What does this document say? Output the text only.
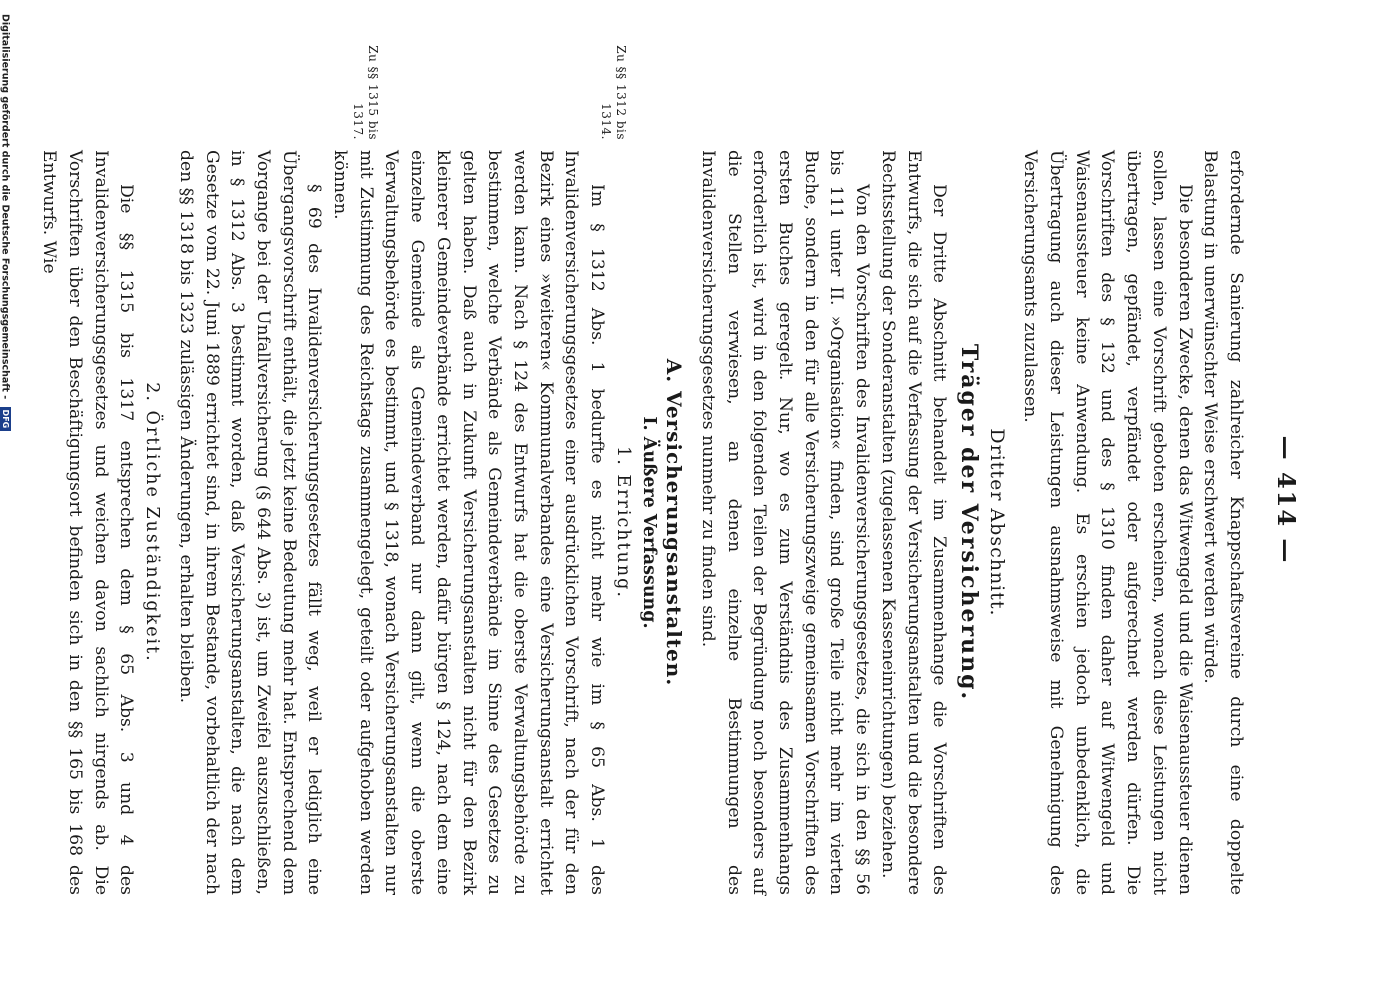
— 414 —
Zu §§ 1312 bis 1314.
Zu §§ 1315 bis 1317.

erfordernde Sanierung zahlreicher Knappschaftsvereine durch eine doppelte Belastung in unerwünschter Weise erschwert werden würde.

Die besonderen Zwecke, denen das Witwengeld und die Waisenaussteuer dienen sollen, lassen eine Vorschrift geboten erscheinen, wonach diese Leistungen nicht übertragen, gepfändet, verpfändet oder aufgerechnet werden dürfen. Die Vorschriften des § 132 und des § 1310 finden daher auf Witwengeld und Waisenaussteuer keine Anwendung. Es erschien jedoch unbedenklich, die Übertragung auch dieser Leistungen ausnahmsweise mit Genehmigung des Versicherungsamts zuzulassen.

Dritter Abschnitt.
Träger der Versicherung.

Der Dritte Abschnitt behandelt im Zusammenhange die Vorschriften des Entwurfs, die sich auf die Verfassung der Versicherungsanstalten und die besondere Rechtsstellung der Sonderanstalten (zugelassenen Kasseneinrichtungen) beziehen.

Von den Vorschriften des Invalidenversicherungsgesetzes, die sich in den §§ 56 bis 111 unter II. »Organisation« finden, sind große Teile nicht mehr im vierten Buche, sondern in den für alle Versicherungszweige gemeinsamen Vorschriften des ersten Buches geregelt. Nur, wo es zum Verständnis des Zusammenhangs erforderlich ist, wird in den folgenden Teilen der Begründung noch besonders auf die Stellen verwiesen, an denen einzelne Bestimmungen des Invalidenversicherungsgesetzes nunmehr zu finden sind.

A. Versicherungsanstalten.
I. Äußere Verfassung.
1. Errichtung.

Im § 1312 Abs. 1 bedurfte es nicht mehr wie im § 65 Abs. 1 des Invalidenversicherungsgesetzes einer ausdrücklichen Vorschrift, nach der für den Bezirk eines »weiteren« Kommunalverbandes eine Versicherungsanstalt errichtet werden kann. Nach § 124 des Entwurfs hat die oberste Verwaltungsbehörde zu bestimmen, welche Verbände als Gemeindeverbände im Sinne des Gesetzes zu gelten haben. Daß auch in Zukunft Versicherungsanstalten nicht für den Bezirk kleinerer Gemeindeverbände errichtet werden, dafür bürgen § 124, nach dem eine einzelne Gemeinde als Gemeindeverband nur dann gilt, wenn die oberste Verwaltungsbehörde es bestimmt, und § 1318, wonach Versicherungsanstalten nur mit Zustimmung des Reichstags zusammengelegt, geteilt oder aufgehoben werden können.

§ 69 des Invalidenversicherungsgesetzes fällt weg, weil er lediglich eine Übergangsvorschrift enthält, die jetzt keine Bedeutung mehr hat. Entsprechend dem Vorgange bei der Unfallversicherung (§ 644 Abs. 3) ist, um Zweifel auszuschließen, in § 1312 Abs. 3 bestimmt worden, daß Versicherungsanstalten, die nach dem Gesetze vom 22. Juni 1889 errichtet sind, in ihrem Bestande, vorbehaltlich der nach den §§ 1318 bis 1323 zulässigen Änderungen, erhalten bleiben.

2. Örtliche Zuständigkeit.

Die §§ 1315 bis 1317 entsprechen dem § 65 Abs. 3 und 4 des Invalidenversicherungsgesetzes und weichen davon sachlich nirgends ab. Die Vorschriften über den Beschäftigungsort befinden sich in den §§ 165 bis 168 des Entwurfs. Wie

Digitalisierung gefördert durch die Deutsche Forschungsgemeinschaft - DFG
